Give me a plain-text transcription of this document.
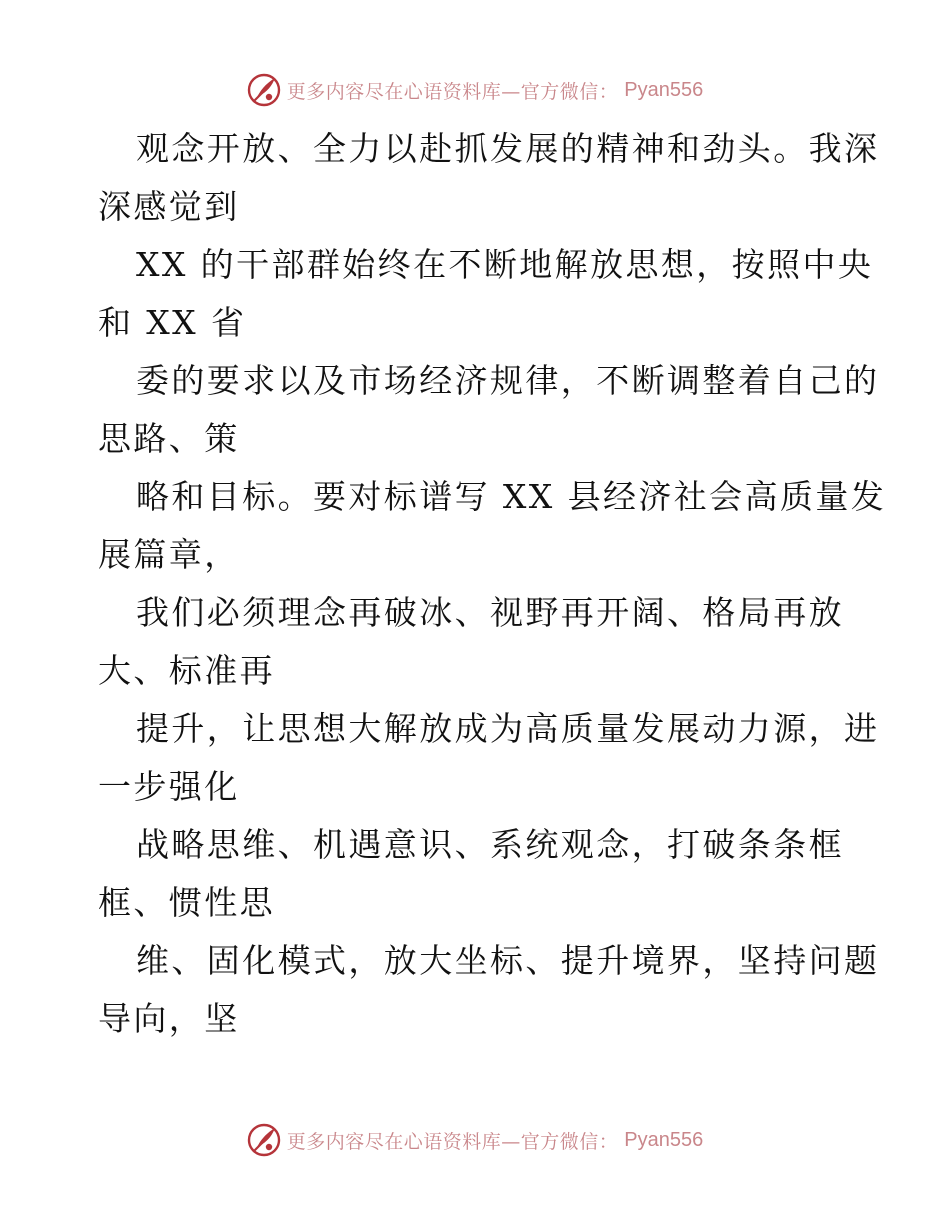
更多内容尽在心语资料库—官方微信： Pyan556
观念开放、全力以赴抓发展的精神和劲头。我深
深感觉到
XX 的干部群始终在不断地解放思想，按照中央
和 XX 省
委的要求以及市场经济规律，不断调整着自己的
思路、策
略和目标。要对标谱写 XX 县经济社会高质量发
展篇章，
我们必须理念再破冰、视野再开阔、格局再放
大、标准再
提升，让思想大解放成为高质量发展动力源，进
一步强化
战略思维、机遇意识、系统观念，打破条条框
框、惯性思
维、固化模式，放大坐标、提升境界，坚持问题
导向，坚
更多内容尽在心语资料库—官方微信： Pyan556
